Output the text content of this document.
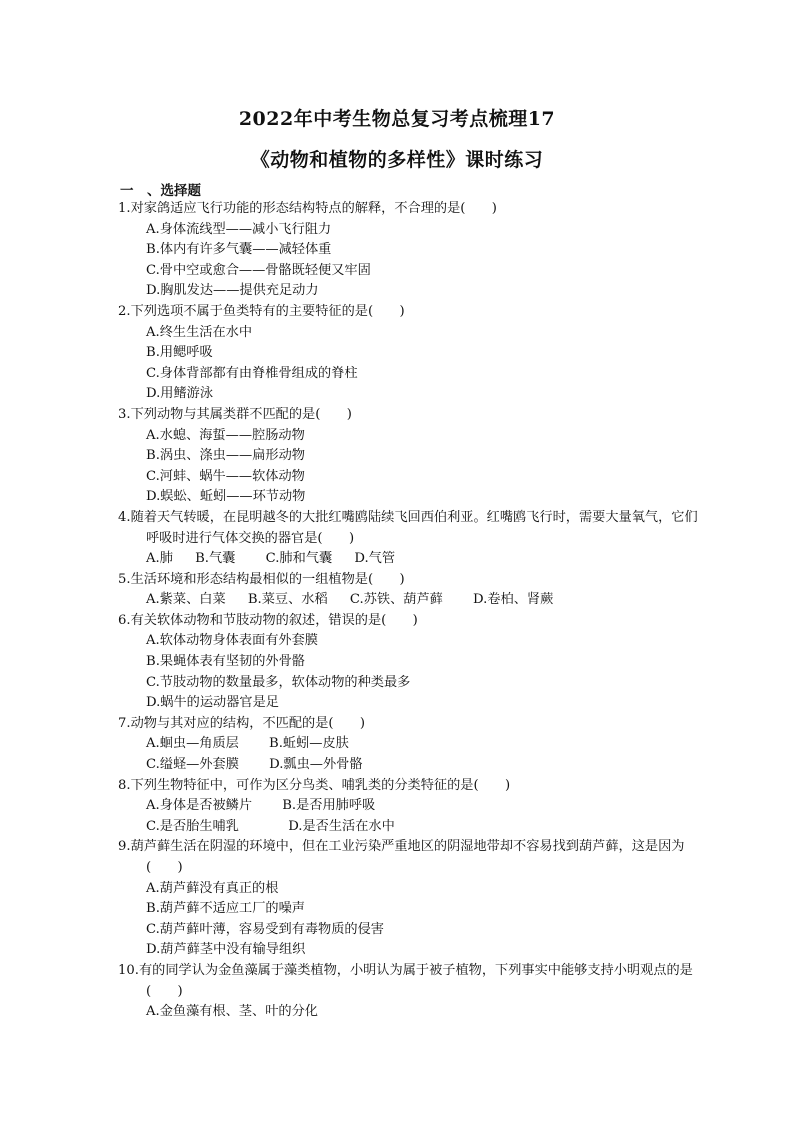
2022年中考生物总复习考点梳理17
《动物和植物的多样性》课时练习
一　、选择题
1.对家鸽适应飞行功能的形态结构特点的解释，不合理的是(　　)
A.身体流线型——减小飞行阻力
B.体内有许多气囊——减轻体重
C.骨中空或愈合——骨骼既轻便又牢固
D.胸肌发达——提供充足动力
2.下列选项不属于鱼类特有的主要特征的是(　　)
A.终生生活在水中
B.用鳃呼吸
C.身体背部都有由脊椎骨组成的脊柱
D.用鳍游泳
3.下列动物与其属类群不匹配的是(　　)
A.水螅、海蜇——腔肠动物
B.涡虫、涤虫——扁形动物
C.河蚌、蜗牛——软体动物
D.蜈蚣、蚯蚓——环节动物
4.随着天气转暖，在昆明越冬的大批红嘴鸥陆续飞回西伯利亚。红嘴鸥飞行时，需要大量氧气，它们呼吸时进行气体交换的器官是(　　)
A.肺 B.气囊 C.肺和气囊 D.气管
5.生活环境和形态结构最相似的一组植物是(　　)
A.紫菜、白菜 B.菜豆、水稻 C.苏铁、葫芦藓 D.卷柏、肾蕨
6.有关软体动物和节肢动物的叙述，错误的是(　　)
A.软体动物身体表面有外套膜
B.果蝇体表有坚韧的外骨骼
C.节肢动物的数量最多，软体动物的种类最多
D.蜗牛的运动器官是足
7.动物与其对应的结构，不匹配的是(　　)
A.蛔虫—角质层 B.蚯蚓—皮肤
C.缢蛏—外套膜 D.瓢虫—外骨骼
8.下列生物特征中，可作为区分鸟类、哺乳类的分类特征的是(　　)
A.身体是否被鳞片 B.是否用肺呼吸
C.是否胎生哺乳	D.是否生活在水中
9.葫芦藓生活在阴湿的环境中，但在工业污染严重地区的阴湿地带却不容易找到葫芦藓，这是因为(　　)
A.葫芦藓没有真正的根
B.葫芦藓不适应工厂的噪声
C.葫芦藓叶薄，容易受到有毒物质的侵害
D.葫芦藓茎中没有输导组织
10.有的同学认为金鱼藻属于藻类植物，小明认为属于被子植物，下列事实中能够支持小明观点的是(　　)
A.金鱼藻有根、茎、叶的分化
